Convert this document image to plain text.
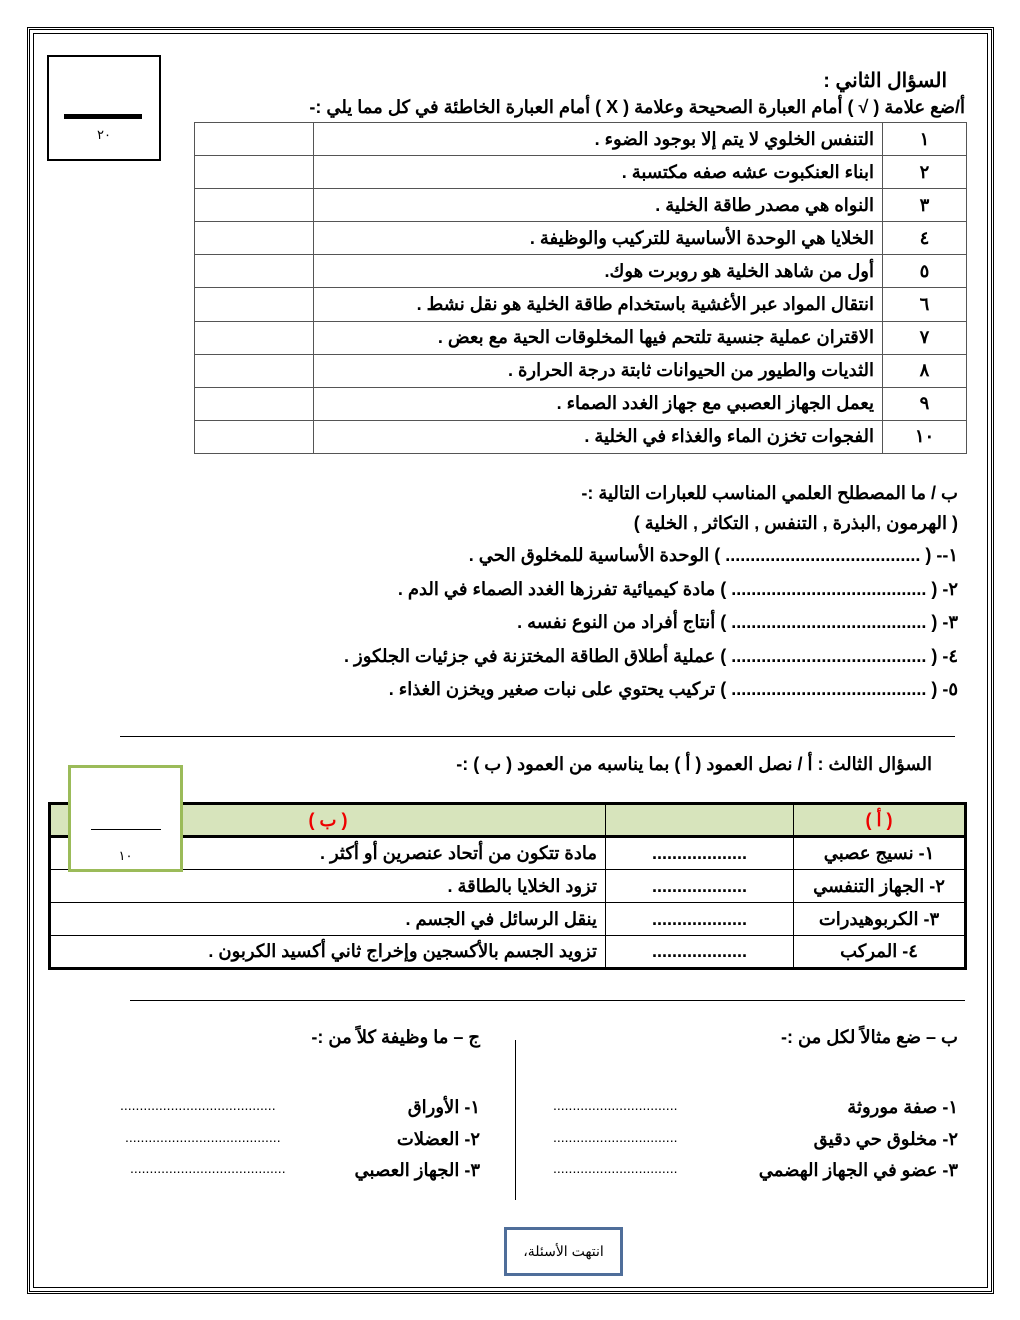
٢٠
السؤال الثاني :
أ/ضع علامة ( √ ) أمام العبارة الصحيحة وعلامة ( X ) أمام العبارة الخاطئة في كل مما يلي :-
	التنفس الخلوي لا يتم إلا بوجود الضوء .	١
	ابناء العنكبوت عشه صفه مكتسبة .	٢
	النواه هي مصدر طاقة الخلية .	٣
	الخلايا هي الوحدة الأساسية للتركيب والوظيفة .	٤
	أول من شاهد الخلية هو روبرت هوك.	٥
	انتقال المواد عبر الأغشية باستخدام طاقة الخلية هو نقل نشط .	٦
	الاقتران عملية جنسية تلتحم فيها المخلوقات الحية مع بعض .	٧
	الثديات والطيور من الحيوانات ثابتة درجة الحرارة .	٨
	يعمل الجهاز العصبي مع جهاز الغدد الصماء .	٩
	الفجوات تخزن الماء والغذاء في الخلية .	١٠
ب / ما المصطلح العلمي المناسب للعبارات التالية :-
( الهرمون ,البذرة , التنفس , التكاثر , الخلية )
١-- ( ....................................... ) الوحدة الأساسية للمخلوق الحي .
٢- ( ....................................... ) مادة كيميائية تفرزها الغدد الصماء في الدم .
٣- ( ....................................... ) أنتاج أفراد من النوع نفسه .
٤- ( ....................................... ) عملية أطلاق الطاقة المختزنة في جزئيات الجلكوز .
٥- ( ....................................... ) تركيب يحتوي على نبات صغير ويخزن الغذاء .
السؤال الثالث : أ / نصل العمود ( أ ) بما يناسبه من العمود ( ب ) :-
( ب )		( أ )
مادة تتكون من أتحاد عنصرين أو أكثر .	...................	١- نسيج عصبي
تزود الخلايا بالطاقة .	...................	٢- الجهاز التنفسي
ينقل الرسائل في الجسم .	...................	٣- الكربوهيدرات
تزويد الجسم بالأكسجين وإخراج ثاني أكسيد الكربون .	...................	٤- المركب
١٠
ب – ضع مثالاً لكل من :-
ج – ما وظيفة كلاً من :-
١- صفة موروثة
................................
١- الأوراق
........................................
٢- مخلوق حي دقيق
................................
٢- العضلات
........................................
٣- عضو في الجهاز الهضمي
................................
٣- الجهاز العصبي
........................................
انتهت الأسئلة،
